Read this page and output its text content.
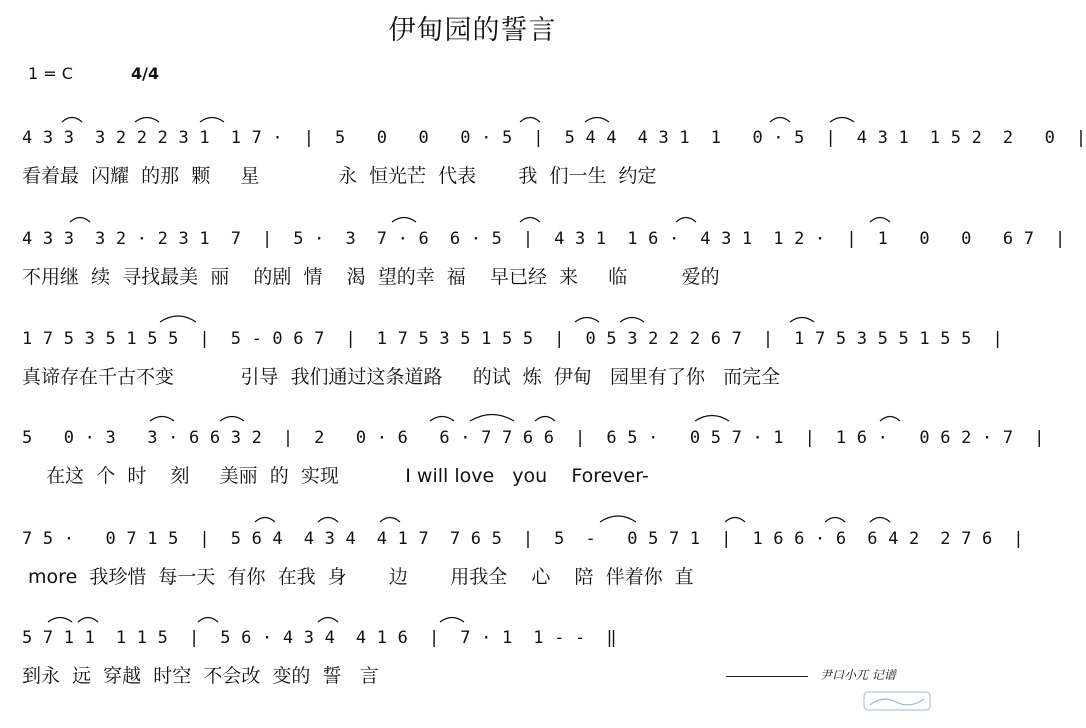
伊甸园的誓言
1 = C	4/4
4 3 3  3 2 2 2 3 1  1 7 ·  |  5   0   0   0 · 5  |  5 4 4  4 3 1  1   0 · 5  |  4 3 1  1 5 2  2   0  |
看着最  闪耀  的那  颗     星             永  恒光芒  代表       我  们一生  约定
4 3 3  3 2 · 2 3 1  7  |  5 ·  3  7 · 6  6 · 5  |  4 3 1  1 6 ·  4 3 1  1 2 ·  |  1   0   0   6 7  |
不用继  续  寻找最美  丽    的剧  情    渴  望的幸  福    早已经  来     临         爱的
1 7 5 3 5 1 5 5  |  5 - 0 6 7  |  1 7 5 3 5 1 5 5  |  0 5 3 2 2 2 6 7  |  1 7 5 3 5 5 1 5 5  |
真谛存在千古不变           引导  我们通过这条道路     的试  炼  伊甸   园里有了你   而完全
5   0 · 3   3 · 6 6 3 2  |  2   0 · 6   6 · 7 7 6 6  |  6 5 ·   0 5 7 · 1  |  1 6 ·   0 6 2 · 7  |
在这  个  时    刻     美丽  的  实现           I will love   you    Forever-
7 5 ·   0 7 1 5  |  5 6 4  4 3 4  4 1 7  7 6 5  |  5  -   0 5 7 1  |  1 6 6 · 6  6 4 2  2 7 6  |
more  我珍惜  每一天  有你  在我  身       边       用我全    心    陪  伴着你  直
5 7 1 1  1 1 5  |  5 6 · 4 3 4  4 1 6  |  7 · 1  1 - -  ‖
到永  远  穿越  时空  不会改  变的  誓   言	尹口小兀 记谱
